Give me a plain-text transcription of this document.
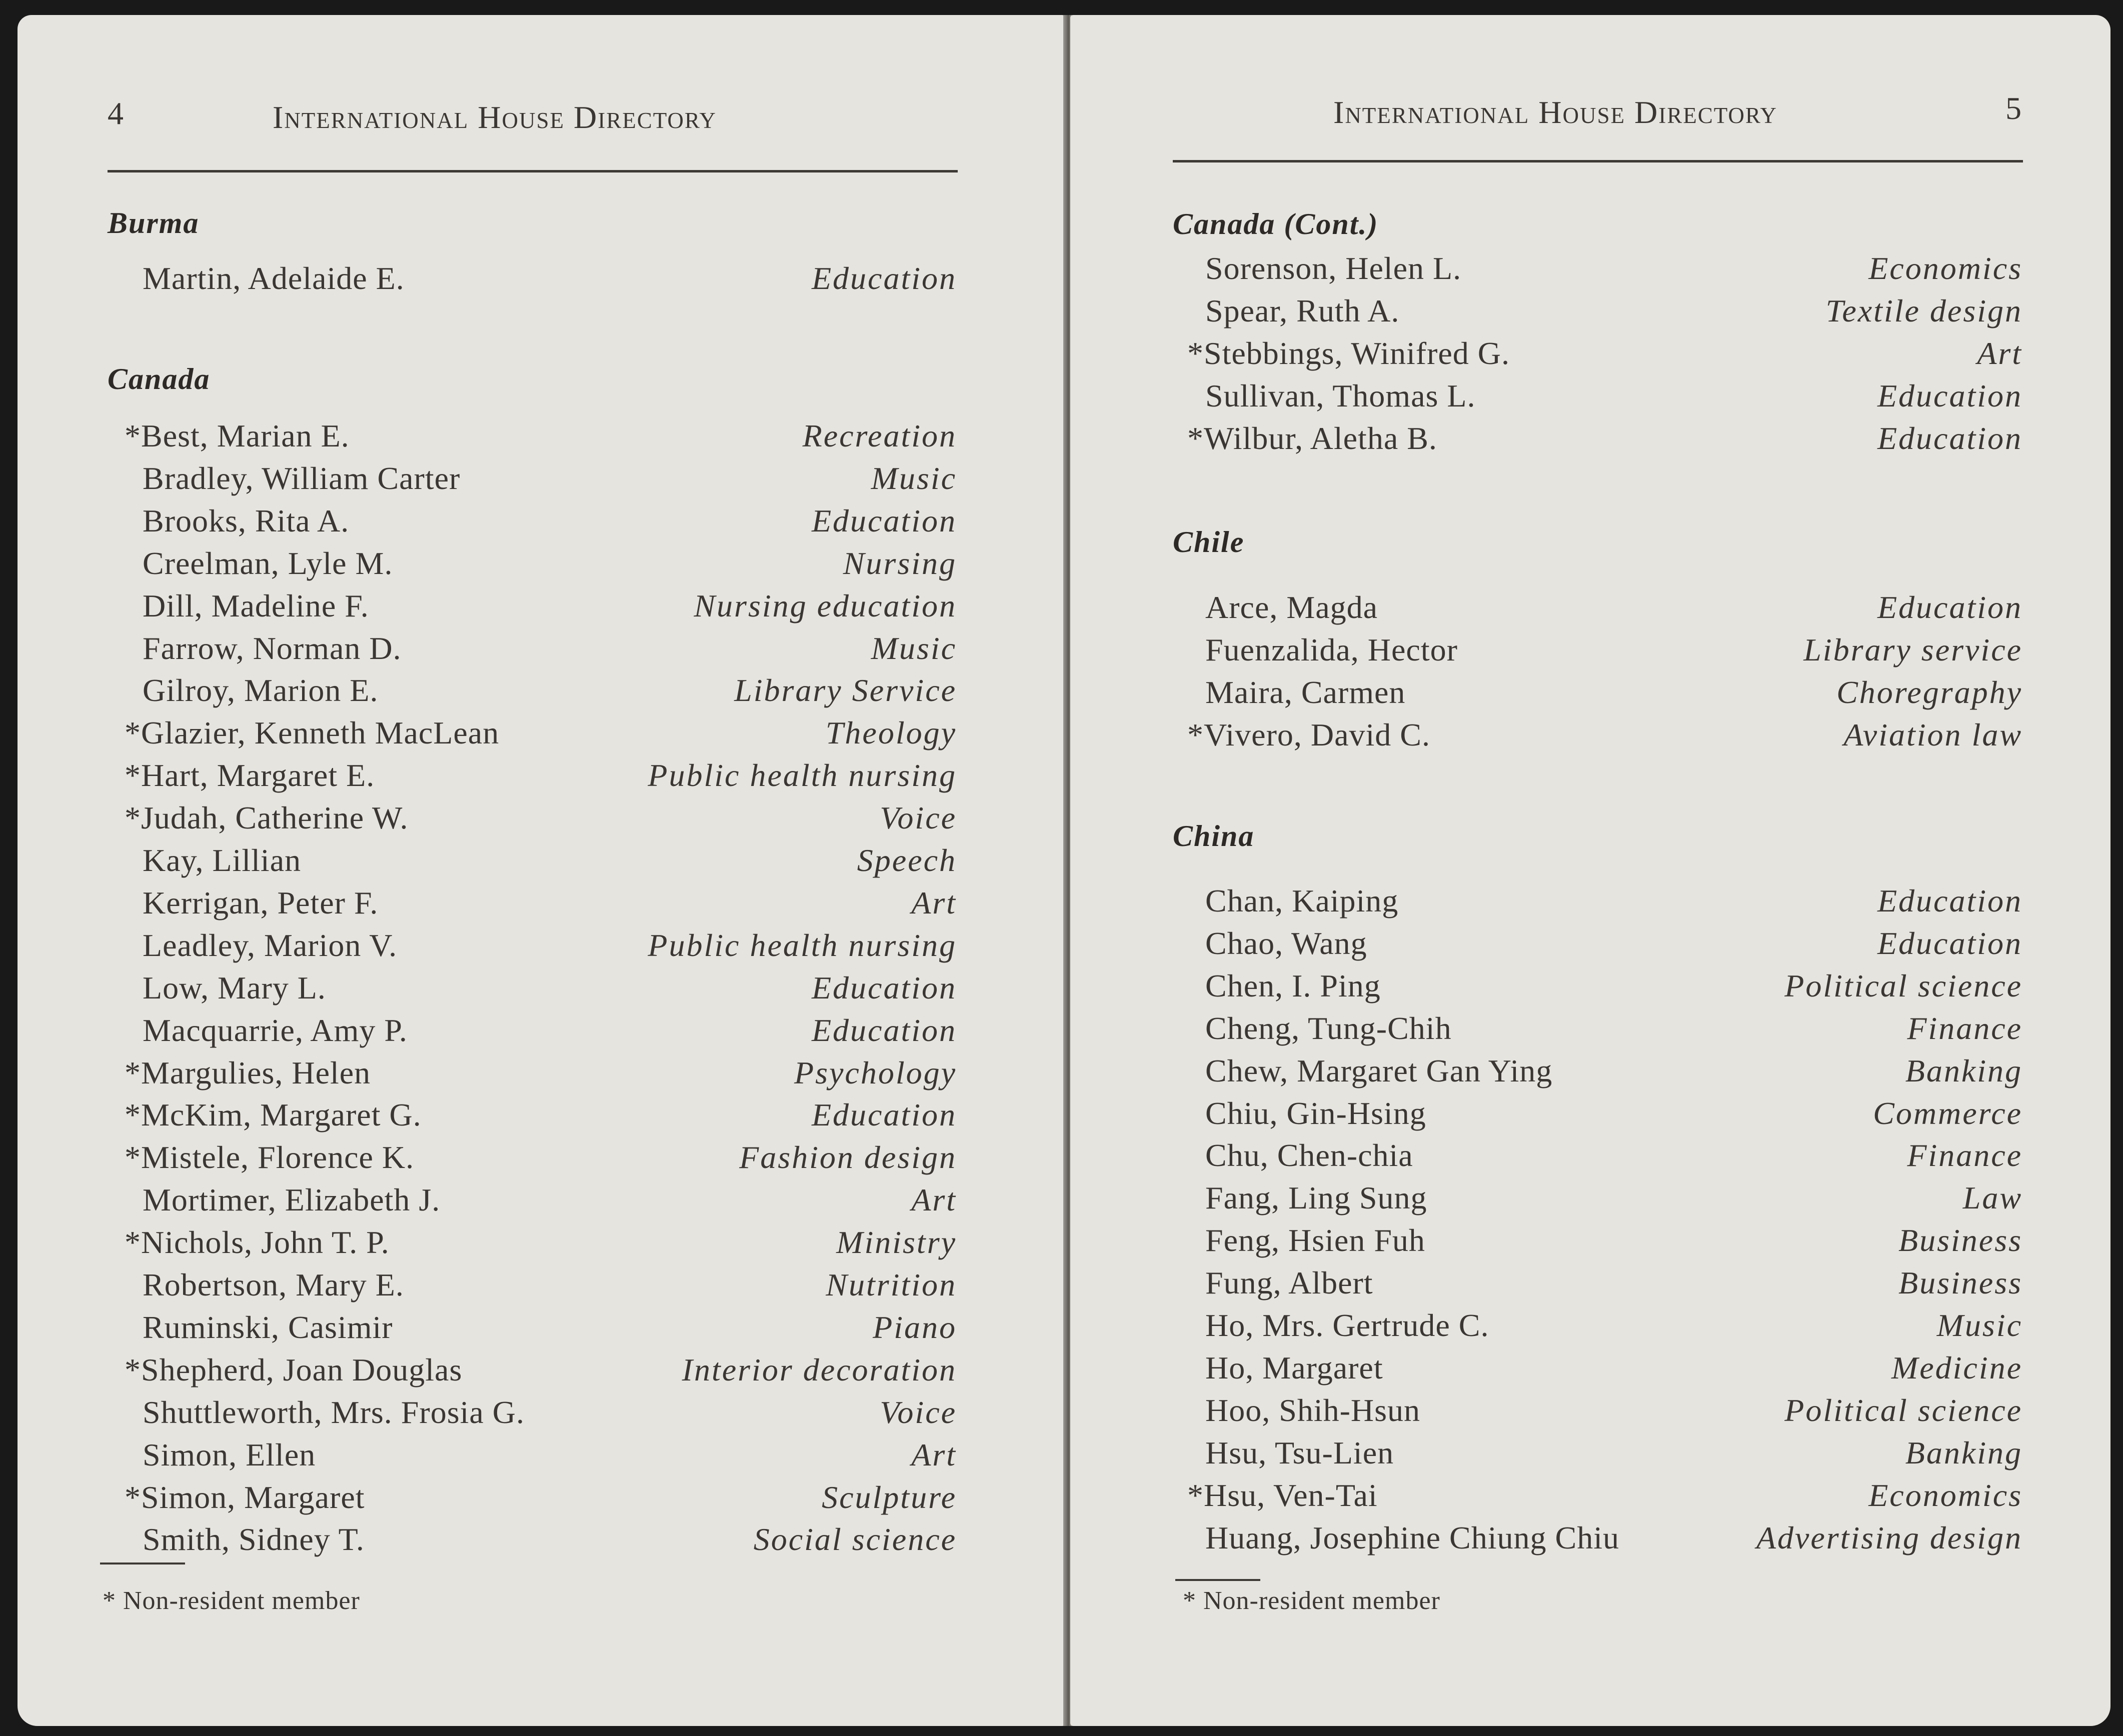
4	International House Directory
Burma
Martin, Adelaide E.	Education
Canada
*Best, Marian E.	Recreation
Bradley, William Carter	Music
Brooks, Rita A.	Education
Creelman, Lyle M.	Nursing
Dill, Madeline F.	Nursing education
Farrow, Norman D.	Music
Gilroy, Marion E.	Library Service
*Glazier, Kenneth MacLean	Theology
*Hart, Margaret E.	Public health nursing
*Judah, Catherine W.	Voice
Kay, Lillian	Speech
Kerrigan, Peter F.	Art
Leadley, Marion V.	Public health nursing
Low, Mary L.	Education
Macquarrie, Amy P.	Education
*Margulies, Helen	Psychology
*McKim, Margaret G.	Education
*Mistele, Florence K.	Fashion design
Mortimer, Elizabeth J.	Art
*Nichols, John T. P.	Ministry
Robertson, Mary E.	Nutrition
Ruminski, Casimir	Piano
*Shepherd, Joan Douglas	Interior decoration
Shuttleworth, Mrs. Frosia G.	Voice
Simon, Ellen	Art
*Simon, Margaret	Sculpture
Smith, Sidney T.	Social science
* Non-resident member
International House Directory	5
Canada (Cont.)
Sorenson, Helen L.	Economics
Spear, Ruth A.	Textile design
*Stebbings, Winifred G.	Art
Sullivan, Thomas L.	Education
*Wilbur, Aletha B.	Education
Chile
Arce, Magda	Education
Fuenzalida, Hector	Library service
Maira, Carmen	Choregraphy
*Vivero, David C.	Aviation law
China
Chan, Kaiping	Education
Chao, Wang	Education
Chen, I. Ping	Political science
Cheng, Tung-Chih	Finance
Chew, Margaret Gan Ying	Banking
Chiu, Gin-Hsing	Commerce
Chu, Chen-chia	Finance
Fang, Ling Sung	Law
Feng, Hsien Fuh	Business
Fung, Albert	Business
Ho, Mrs. Gertrude C.	Music
Ho, Margaret	Medicine
Hoo, Shih-Hsun	Political science
Hsu, Tsu-Lien	Banking
*Hsu, Ven-Tai	Economics
Huang, Josephine Chiung Chiu	Advertising design
* Non-resident member
